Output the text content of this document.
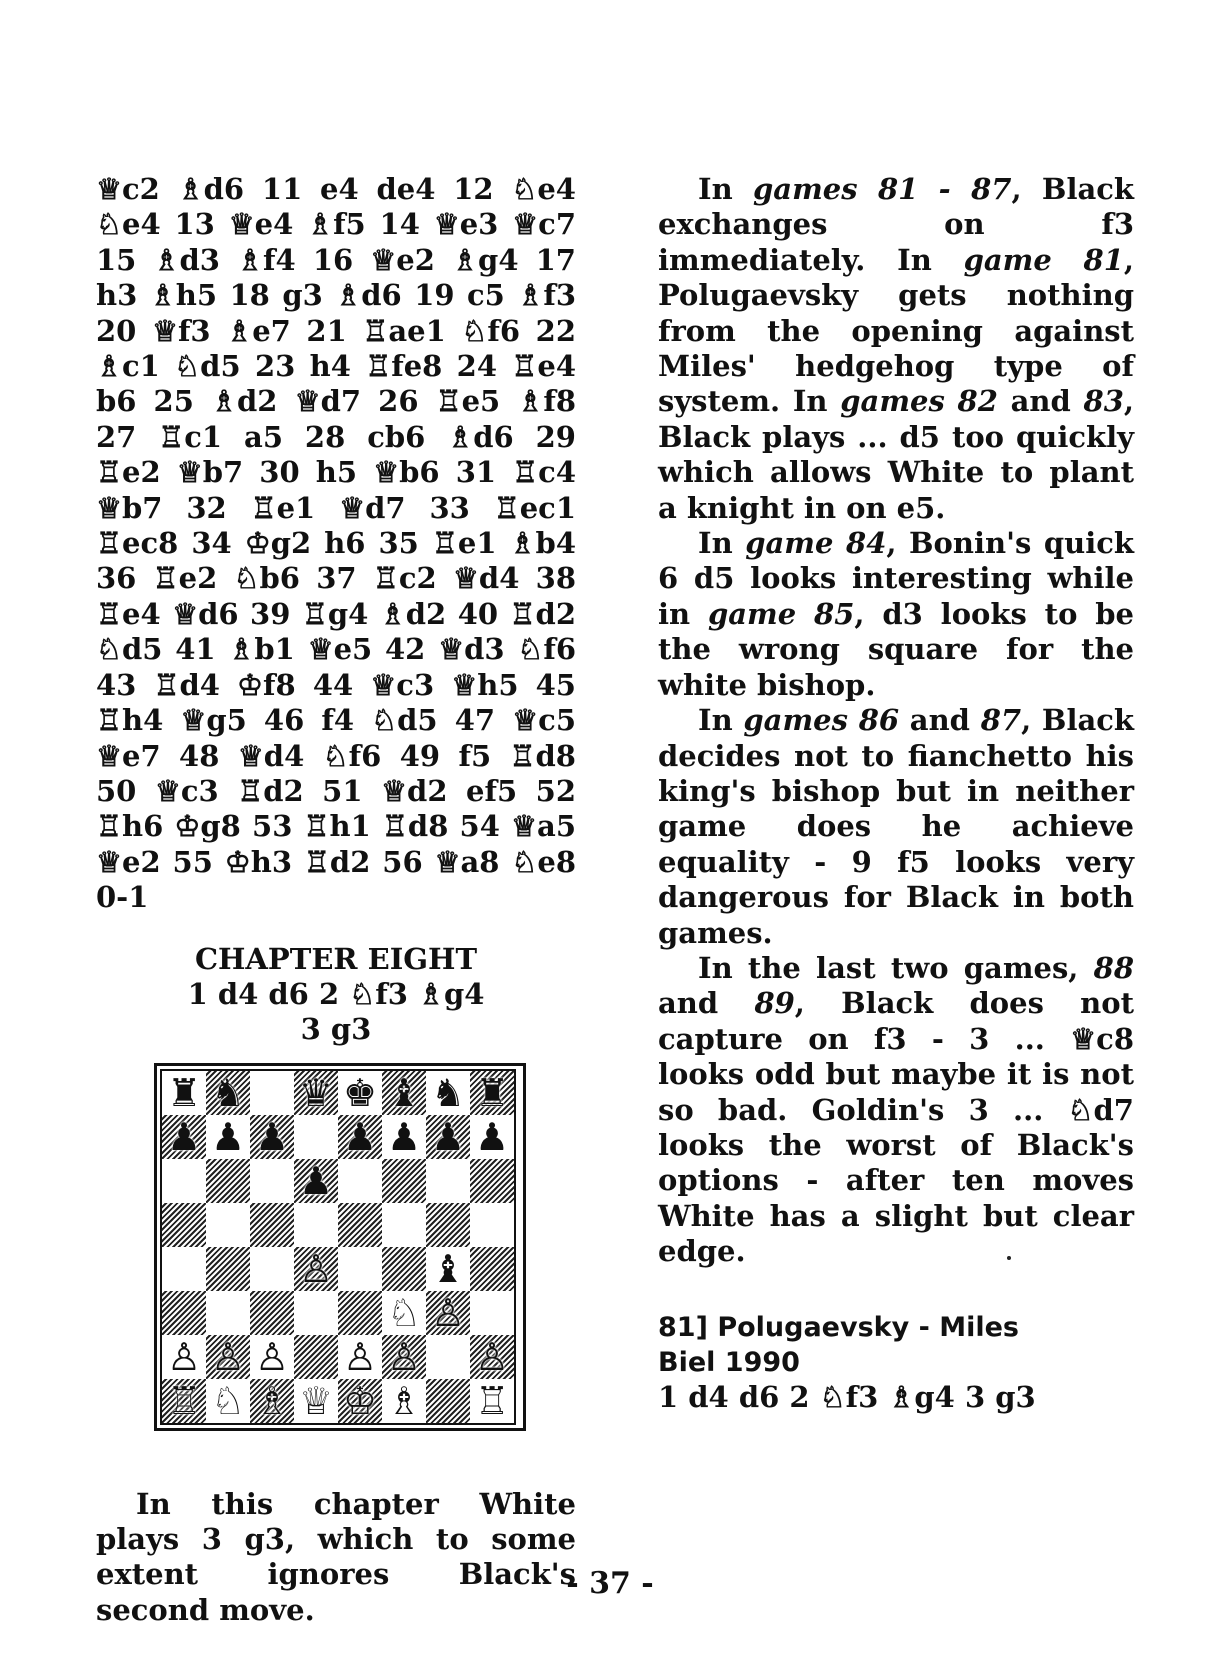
♕c2 ♗d6 11 e4 de4 12 ♘e4 ♘e4 13 ♕e4 ♗f5 14 ♕e3 ♕c7 15 ♗d3 ♗f4 16 ♕e2 ♗g4 17 h3 ♗h5 18 g3 ♗d6 19 c5 ♗f3 20 ♕f3 ♗e7 21 ♖ae1 ♘f6 22 ♗c1 ♘d5 23 h4 ♖fe8 24 ♖e4 b6 25 ♗d2 ♕d7 26 ♖e5 ♗f8 27 ♖c1 a5 28 cb6 ♗d6 29 ♖e2 ♕b7 30 h5 ♕b6 31 ♖c4 ♕b7 32 ♖e1 ♕d7 33 ♖ec1 ♖ec8 34 ♔g2 h6 35 ♖e1 ♗b4 36 ♖e2 ♘b6 37 ♖c2 ♕d4 38 ♖e4 ♕d6 39 ♖g4 ♗d2 40 ♖d2 ♘d5 41 ♗b1 ♕e5 42 ♕d3 ♘f6 43 ♖d4 ♔f8 44 ♕c3 ♕h5 45 ♖h4 ♕g5 46 f4 ♘d5 47 ♕c5 ♕e7 48 ♕d4 ♘f6 49 f5 ♖d8 50 ♕c3 ♖d2 51 ♕d2 ef5 52 ♖h6 ♔g8 53 ♖h1 ♖d8 54 ♕a5 ♕e2 55 ♔h3 ♖d2 56 ♕a8 ♘e8 0-1

CHAPTER EIGHT
1 d4 d6 2 ♘f3 ♗g4
3 g3
♜ ♞ ♛ ♚ ♝ ♞ ♜
♟ ♟ ♟ ♟ ♟ ♟ ♟
♟
♙	♝
♘ ♙
♙ ♙ ♙ ♙ ♙ ♙
♖ ♘ ♗ ♕ ♔ ♗ ♖

In this chapter White plays 3 g3, which to some extent ignores Black's second move.

In games 81 - 87, Black exchanges on f3 immediately. In game 81, Polugaevsky gets nothing from the opening against Miles' hedgehog type of system. In games 82 and 83, Black plays ... d5 too quickly which allows White to plant a knight in on e5.

In game 84, Bonin's quick 6 d5 looks interesting while in game 85, d3 looks to be the wrong square for the white bishop.

In games 86 and 87, Black decides not to fianchetto his king's bishop but in neither game does he achieve equality - 9 f5 looks very dangerous for Black in both games.

In the last two games, 88 and 89, Black does not capture on f3 - 3 ... ♕c8 looks odd but maybe it is not so bad. Goldin's 3 ... ♘d7 looks the worst of Black's options - after ten moves White has a slight but clear edge.

81] Polugaevsky - Miles
Biel 1990
1 d4 d6 2 ♘f3 ♗g4 3 g3
- 37 -
